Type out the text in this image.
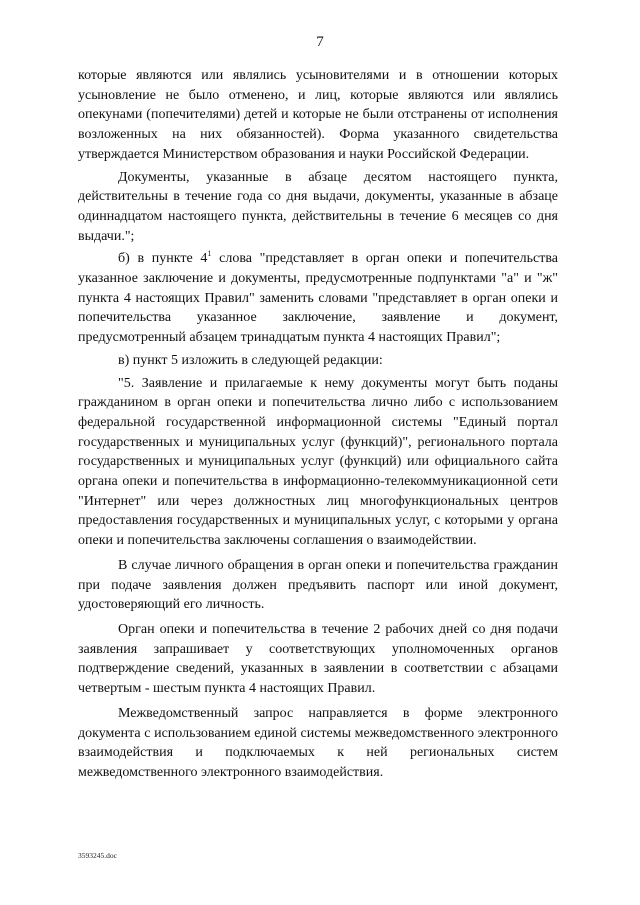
7

которые являются или являлись усыновителями и в отношении которых усыновление не было отменено, и лиц, которые являются или являлись опекунами (попечителями) детей и которые не были отстранены от исполнения возложенных на них обязанностей). Форма указанного свидетельства утверждается Министерством образования и науки Российской Федерации.

Документы, указанные в абзаце десятом настоящего пункта, действительны в течение года со дня выдачи, документы, указанные в абзаце одиннадцатом настоящего пункта, действительны в течение 6 месяцев со дня выдачи.";

б) в пункте $4^1$ слова "представляет в орган опеки и попечительства указанное заключение и документы, предусмотренные подпунктами "а" и "ж" пункта 4 настоящих Правил" заменить словами "представляет в орган опеки и попечительства указанное заключение, заявление и документ, предусмотренный абзацем тринадцатым пункта 4 настоящих Правил";

в) пункт 5 изложить в следующей редакции:

"5. Заявление и прилагаемые к нему документы могут быть поданы гражданином в орган опеки и попечительства лично либо с использованием федеральной государственной информационной системы "Единый портал государственных и муниципальных услуг (функций)", регионального портала государственных и муниципальных услуг (функций) или официального сайта органа опеки и попечительства в информационно-телекоммуникационной сети "Интернет" или через должностных лиц многофункциональных центров предоставления государственных и муниципальных услуг, с которыми у органа опеки и попечительства заключены соглашения о взаимодействии.

В случае личного обращения в орган опеки и попечительства гражданин при подаче заявления должен предъявить паспорт или иной документ, удостоверяющий его личность.

Орган опеки и попечительства в течение 2 рабочих дней со дня подачи заявления запрашивает у соответствующих уполномоченных органов подтверждение сведений, указанных в заявлении в соответствии с абзацами четвертым - шестым пункта 4 настоящих Правил.

Межведомственный запрос направляется в форме электронного документа с использованием единой системы межведомственного электронного взаимодействия и подключаемых к ней региональных систем межведомственного электронного взаимодействия.

3593245.doc
